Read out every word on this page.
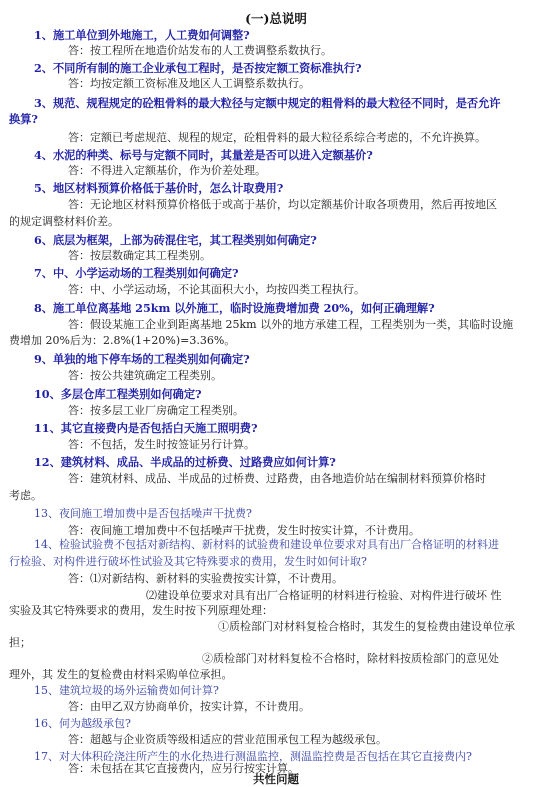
(一)总说明
1、施工单位到外地施工，人工费如何调整?
答：按工程所在地造价站发布的人工费调整系数执行。
2、不同所有制的施工企业承包工程时，是否按定额工资标准执行?
答：均按定额工资标准及地区人工调整系数执行。
3、规范、规程规定的砼粗骨料的最大粒径与定额中规定的粗骨料的最大粒径不同时，是否允许
换算?
答：定额已考虑规范、规程的规定，砼粗骨料的最大粒径系综合考虑的，不允许换算。
4、水泥的种类、标号与定额不同时，其量差是否可以进入定额基价?
答：不得进入定额基价，作为价差处理。
5、地区材料预算价格低于基价时，怎么计取费用?
答：无论地区材料预算价格低于或高于基价，均以定额基价计取各项费用，然后再按地区
的规定调整材料价差。
6、底层为框架，上部为砖混住宅，其工程类别如何确定?
答：按层数确定其工程类别。
7、中、小学运动场的工程类别如何确定?
答：中、小学运动场，不论其面积大小，均按四类工程执行。
8、施工单位离基地 25km 以外施工，临时设施费增加费 20%，如何正确理解?
答：假设某施工企业到距离基地 25km 以外的地方承建工程，工程类别为一类，其临时设施
费增加 20%后为：2.8%(1+20%)=3.36%。
9、单独的地下停车场的工程类别如何确定?
答：按公共建筑确定工程类别。
10、多层仓库工程类别如何确定?
答：按多层工业厂房确定工程类别。
11、其它直接费内是否包括白天施工照明费?
答：不包括，发生时按签证另行计算。
12、建筑材料、成品、半成品的过桥费、过路费应如何计算?
答：建筑材料、成品、半成品的过桥费、过路费，由各地造价站在编制材料预算价格时
考虑。
13、夜间施工增加费中是否包括噪声干扰费?
答：夜间施工增加费中不包括噪声干扰费，发生时按实计算，不计费用。
14、检验试验费不包括对新结构、新材料的试验费和建设单位要求对具有出厂合格证明的材料进
行检验、对构件进行破坏性试验及其它特殊要求的费用，发生时如何计取?
答：⑴对新结构、新材料的实验费按实计算，不计费用。
⑵建设单位要求对具有出厂合格证明的材料进行检验、对构件进行破坏 性
实验及其它特殊要求的费用，发生时按下列原理处理：
①质检部门对材料复检合格时，其发生的复检费由建设单位承
担；
②质检部门对材料复检不合格时，除材料按质检部门的意见处
理外，其 发生的复检费由材料采购单位承担。
15、建筑垃圾的场外运输费如何计算?
答：由甲乙双方协商单价，按实计算，不计费用。
16、何为越级承包?
答：超越与企业资质等级相适应的营业范围承包工程为越级承包。
17、对大体积砼浇注所产生的水化热进行测温监控，测温监控费是否包括在其它直接费内?
答：未包括在其它直接费内，应另行按实计算。
共性问题
